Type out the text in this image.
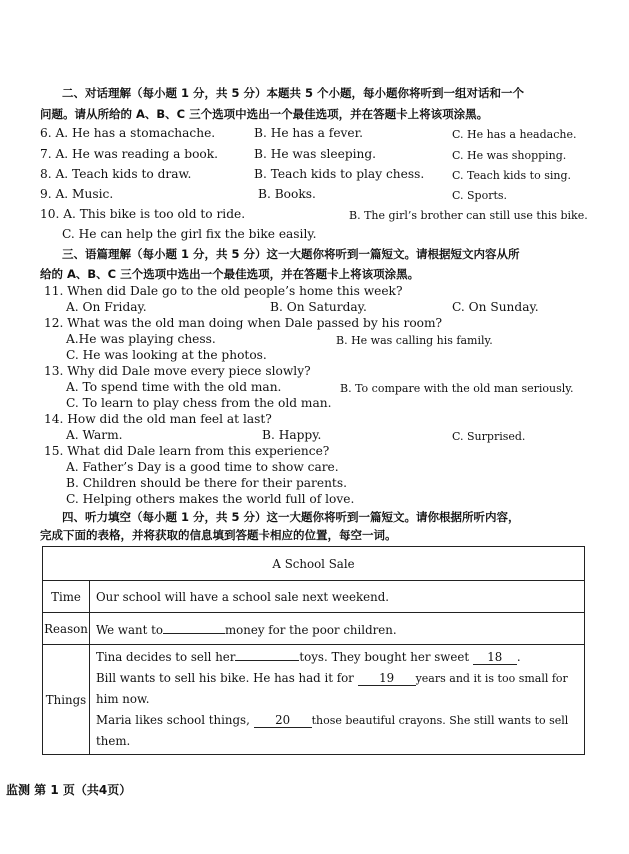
二、对话理解（每小题 1 分，共 5 分）本题共 5 个小题，每小题你将听到一组对话和一个
问题。请从所给的 A、B、C 三个选项中选出一个最佳选项，并在答题卡上将该项涂黑。
6. A. He has a stomachache.	B. He has a fever.	C. He has a headache.
7. A. He was reading a book.	B. He was sleeping.	C. He was shopping.
8. A. Teach kids to draw.	B. Teach kids to play chess.	C. Teach kids to sing.
9. A. Music.	B. Books.	C. Sports.
10. A. This bike is too old to ride.	B. The girl’s brother can still use this bike.
C. He can help the girl fix the bike easily.
三、语篇理解（每小题 1 分，共 5 分）这一大题你将听到一篇短文。请根据短文内容从所
给的 A、B、C 三个选项中选出一个最佳选项，并在答题卡上将该项涂黑。
11. When did Dale go to the old people’s home this week?
A. On Friday.	B. On Saturday.	C. On Sunday.
12. What was the old man doing when Dale passed by his room?
A.He was playing chess.	B. He was calling his family.
C. He was looking at the photos.
13. Why did Dale move every piece slowly?
A. To spend time with the old man.	B. To compare with the old man seriously.
C. To learn to play chess from the old man.
14. How did the old man feel at last?
A. Warm.	B. Happy.	C. Surprised.
15. What did Dale learn from this experience?
A. Father’s Day is a good time to show care.
B. Children should be there for their parents.
C. Helping others makes the world full of love.
四、听力填空（每小题 1 分，共 5 分）这一大题你将听到一篇短文。请你根据所听内容，
完成下面的表格，并将获取的信息填到答题卡相应的位置，每空一词。
A School Sale	
Time	Our school will have a school sale next weekend.
Reason	We want to money for the poor children.
Things	Tina decides to sell her toys. They bought her sweet 18 .
Bill wants to sell his bike. He has had it for 19 years and it is too small for
him now.
Maria likes school things, 20 those beautiful crayons. She still wants to sell
them.
监测 第 1 页（共4页）
